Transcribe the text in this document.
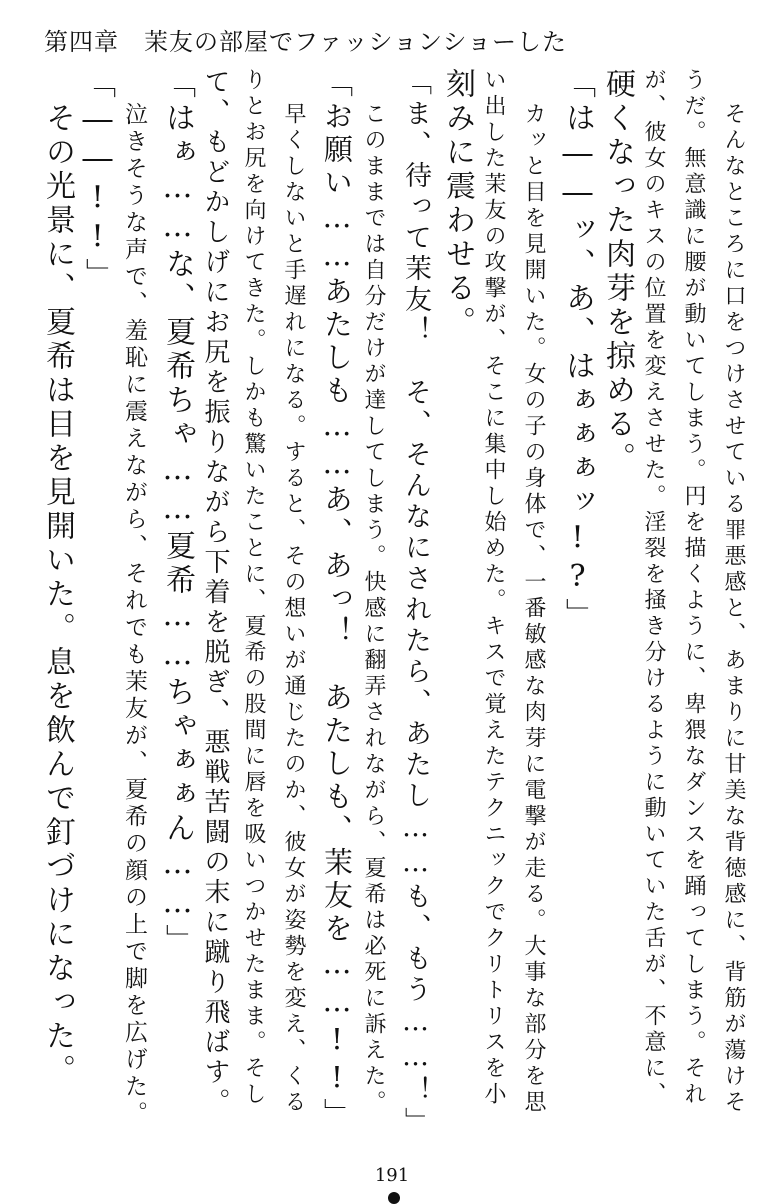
第四章　茉友の部屋でファッションショーした
そんなところに口をつけさせている罪悪感と、あまりに甘美な背徳感に、背筋が蕩けそ
うだ。無意識に腰が動いてしまう。円を描くように、卑猥なダンスを踊ってしまう。それ
が、彼女のキスの位置を変えさせた。淫裂を掻き分けるように動いていた舌が、不意に、
硬くなった肉芽を掠める。
「は――ッ、あ、はぁぁぁッ!?」
カッと目を見開いた。女の子の身体で、一番敏感な肉芽に電撃が走る。大事な部分を思
い出した茉友の攻撃が、そこに集中し始めた。キスで覚えたテクニックでクリトリスを小
刻みに震わせる。
「ま、待って茉友！　そ、そんなにされたら、あたし……も、もう……！」
このままでは自分だけが達してしまう。快感に翻弄されながら、夏希は必死に訴えた。
「お願い……あたしも……あ、あっ！　あたしも、茉友を……!!」
早くしないと手遅れになる。すると、その想いが通じたのか、彼女が姿勢を変え、くる
りとお尻を向けてきた。しかも驚いたことに、夏希の股間に唇を吸いつかせたまま。そし
て、もどかしげにお尻を振りながら下着を脱ぎ、悪戦苦闘の末に蹴り飛ばす。
「はぁ……な、夏希ちゃ……夏希……ちゃぁぁん……」
泣きそうな声で、羞恥に震えながら、それでも茉友が、夏希の顔の上で脚を広げた。
「――!!」
その光景に、夏希は目を見開いた。息を飲んで釘づけになった。
191
